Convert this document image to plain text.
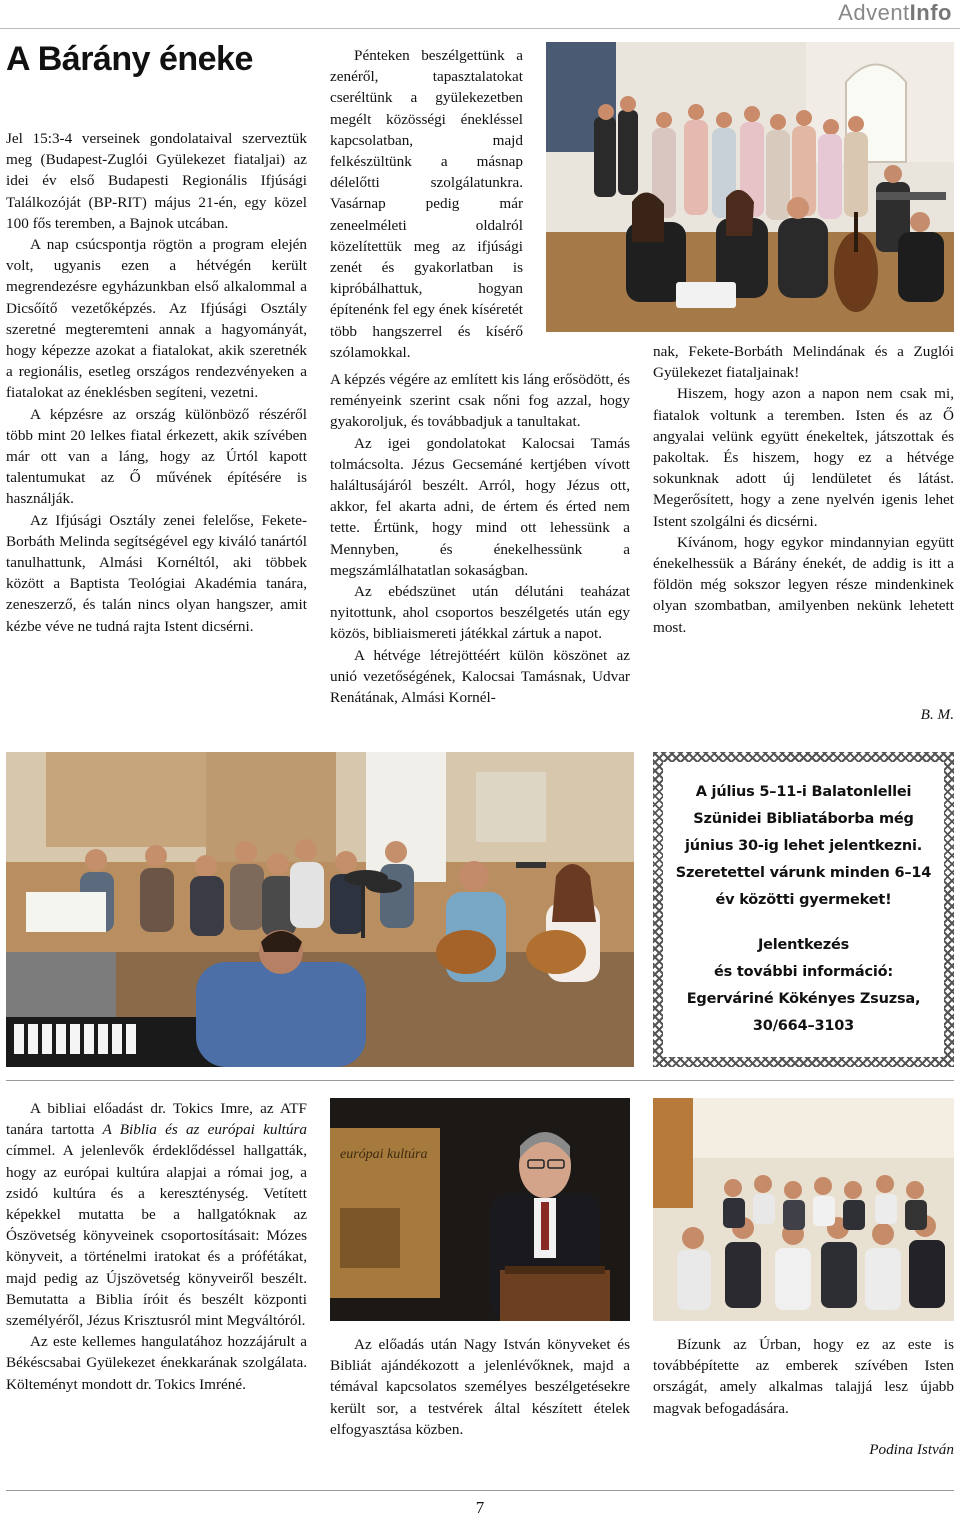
AdventInfo
A Bárány éneke

Jel 15:3-4 verseinek gondolataival szerveztük meg (Budapest-Zuglói Gyülekezet fiataljai) az idei év első Budapesti Regionális Ifjúsági Találkozóját (BP-RIT) május 21-én, egy közel 100 fős teremben, a Bajnok utcában.

A nap csúcspontja rögtön a program elején volt, ugyanis ezen a hétvégén került megrendezésre egyházunkban első alkalommal a Dicsőítő vezetőképzés. Az Ifjúsági Osztály szeretné megteremteni annak a hagyományát, hogy képezze azokat a fiatalokat, akik szeretnék a regionális, esetleg országos rendezvényeken a fiatalokat az éneklésben segíteni, vezetni.

A képzésre az ország különböző részéről több mint 20 lelkes fiatal érkezett, akik szívében már ott van a láng, hogy az Úrtól kapott talentumukat az Ő művének építésére is használják.

Az Ifjúsági Osztály zenei felelőse, Fekete-Borbáth Melinda segítségével egy kiváló tanártól tanulhattunk, Almási Kornéltól, aki többek között a Baptista Teológiai Akadémia tanára, zeneszerző, és talán nincs olyan hangszer, amit kézbe véve ne tudná rajta Istent dicsérni.

Pénteken beszélgettünk a zenéről, tapasztalatokat cseréltünk a gyülekezetben megélt közösségi énekléssel kapcsolatban, majd felkészültünk a másnap délelőtti szolgálatunkra. Vasárnap pedig már zeneelméleti oldalról közelítettük meg az ifjúsági zenét és gyakorlatban is kipróbálhattuk, hogyan építenénk fel egy ének kíséretét több hangszerrel és kísérő szólamokkal.

A képzés végére az említett kis láng erősödött, és reményeink szerint csak nőni fog azzal, hogy gyakoroljuk, és továbbadjuk a tanultakat.

Az igei gondolatokat Kalocsai Tamás tolmácsolta. Jézus Gecsemáné kertjében vívott haláltusájáról beszélt. Arról, hogy Jézus ott, akkor, fel akarta adni, de értem és érted nem tette. Értünk, hogy mind ott lehessünk a Mennyben, és énekelhessünk a megszámlálhatatlan sokaságban.

Az ebédszünet után délutáni teaházat nyitottunk, ahol csoportos beszélgetés után egy közös, bibliaismereti játékkal zártuk a napot.

A hétvége létrejöttéért külön köszönet az unió vezetőségének, Kalocsai Tamásnak, Udvar Renátának, Almási Kornél-

nak, Fekete-Borbáth Melindának és a Zuglói Gyülekezet fiataljainak!

Hiszem, hogy azon a napon nem csak mi, fiatalok voltunk a teremben. Isten és az Ő angyalai velünk együtt énekeltek, játszottak és pakoltak. És hiszem, hogy ez a hétvége sokunknak adott új lendületet és látást. Megerősített, hogy a zene nyelvén igenis lehet Istent szolgálni és dicsérni.

Kívánom, hogy egykor mindannyian együtt énekelhessük a Bárány énekét, de addig is itt a földön még sokszor legyen része mindenkinek olyan szombatban, amilyenben nekünk lehetett most.

B. M.

A július 5–11-i Balatonlellei
Szünidei Bibliatáborba még
június 30-ig lehet jelentkezni.
Szeretettel várunk minden 6–14
év közötti gyermeket!
Jelentkezés
és további információ:
Egerváriné Kökényes Zsuzsa,
30/664–3103

A bibliai előadást dr. Tokics Imre, az ATF tanára tartotta A Biblia és az európai kultúra címmel. A jelenlevők érdeklődéssel hallgatták, hogy az európai kultúra alapjai a római jog, a zsidó kultúra és a kereszténység. Vetített képekkel mutatta be a hallgatóknak az Ószövetség könyveinek csoportosításait: Mózes könyveit, a történelmi iratokat és a prófétákat, majd pedig az Újszövetség könyveiről beszélt. Bemutatta a Biblia íróit és beszélt központi személyéről, Jézus Krisztusról mint Megváltóról.

Az este kellemes hangulatához hozzájárult a Békéscsabai Gyülekezet énekkarának szolgálata. Költeményt mondott dr. Tokics Imréné.

európai kultúra

Az előadás után Nagy István könyveket és Bibliát ajándékozott a jelenlévőknek, majd a témával kapcsolatos személyes beszélgetésekre került sor, a testvérek által készített ételek elfogyasztása közben.

Bízunk az Úrban, hogy ez az este is továbbépítette az emberek szívében Isten országát, amely alkalmas talajjá lesz újabb magvak befogadására.

Podina István

7
